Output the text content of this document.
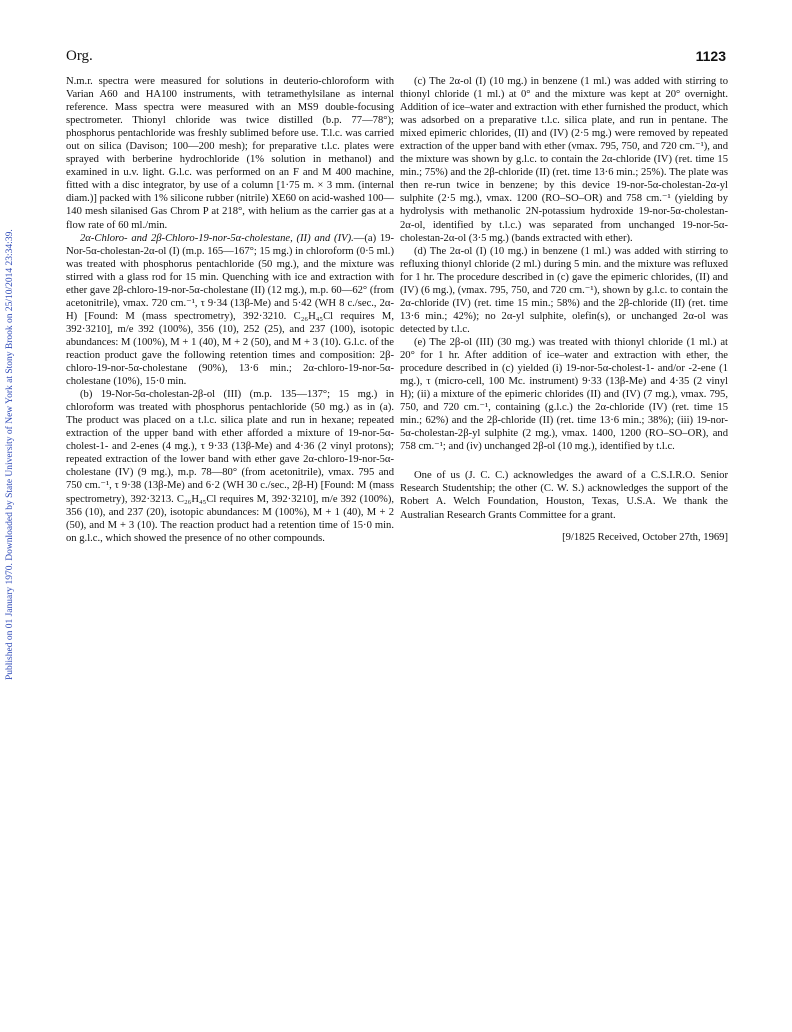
Org.	1123
Published on 01 January 1970. Downloaded by State University of New York at Stony Brook on 25/10/2014 23:34:39.

N.m.r. spectra were measured for solutions in deuterio-chloroform with Varian A60 and HA100 instruments, with tetramethylsilane as internal reference. Mass spectra were measured with an MS9 double-focusing spectrometer. Thionyl chloride was twice distilled (b.p. 77—78°); phosphorus pentachloride was freshly sublimed before use. T.l.c. was carried out on silica (Davison; 100—200 mesh); for preparative t.l.c. plates were sprayed with berberine hydrochloride (1% solution in methanol) and examined in u.v. light. G.l.c. was performed on an F and M 400 machine, fitted with a disc integrator, by use of a column [1·75 m. × 3 mm. (internal diam.)] packed with 1% silicone rubber (nitrile) XE60 on acid-washed 100—140 mesh silanised Gas Chrom P at 218°, with helium as the carrier gas at a flow rate of 60 ml./min.

2α-Chloro- and 2β-Chloro-19-nor-5α-cholestane, (II) and (IV).—(a) 19-Nor-5α-cholestan-2α-ol (I) (m.p. 165—167°; 15 mg.) in chloroform (0·5 ml.) was treated with phosphorus pentachloride (50 mg.), and the mixture was stirred with a glass rod for 15 min. Quenching with ice and extraction with ether gave 2β-chloro-19-nor-5α-cholestane (II) (12 mg.), m.p. 60—62° (from acetonitrile), νmax. 720 cm.⁻¹, τ 9·34 (13β-Me) and 5·42 (WH 8 c./sec., 2α-H) [Found: M (mass spectrometry), 392·3210. C₂₆H₄₅Cl requires M, 392·3210], m/e 392 (100%), 356 (10), 252 (25), and 237 (100), isotopic abundances: M (100%), M + 1 (40), M + 2 (50), and M + 3 (10). G.l.c. of the reaction product gave the following retention times and composition: 2β-chloro-19-nor-5α-cholestane (90%), 13·6 min.; 2α-chloro-19-nor-5α-cholestane (10%), 15·0 min.

(b) 19-Nor-5α-cholestan-2β-ol (III) (m.p. 135—137°; 15 mg.) in chloroform was treated with phosphorus pentachloride (50 mg.) as in (a). The product was placed on a t.l.c. silica plate and run in hexane; repeated extraction of the upper band with ether afforded a mixture of 19-nor-5α-cholest-1- and 2-enes (4 mg.), τ 9·33 (13β-Me) and 4·36 (2 vinyl protons); repeated extraction of the lower band with ether gave 2α-chloro-19-nor-5α-cholestane (IV) (9 mg.), m.p. 78—80° (from acetonitrile), νmax. 795 and 750 cm.⁻¹, τ 9·38 (13β-Me) and 6·2 (WH 30 c./sec., 2β-H) [Found: M (mass spectrometry), 392·3213. C₂₆H₄₅Cl requires M, 392·3210], m/e 392 (100%), 356 (10), and 237 (20), isotopic abundances: M (100%), M + 1 (40), M + 2 (50), and M + 3 (10). The reaction product had a retention time of 15·0 min. on g.l.c., which showed the presence of no other compounds.

(c) The 2α-ol (I) (10 mg.) in benzene (1 ml.) was added with stirring to thionyl chloride (1 ml.) at 0° and the mixture was kept at 20° overnight. Addition of ice–water and extraction with ether furnished the product, which was adsorbed on a preparative t.l.c. silica plate, and run in pentane. The mixed epimeric chlorides, (II) and (IV) (2·5 mg.) were removed by repeated extraction of the upper band with ether (νmax. 795, 750, and 720 cm.⁻¹), and the mixture was shown by g.l.c. to contain the 2α-chloride (IV) (ret. time 15 min.; 75%) and the 2β-chloride (II) (ret. time 13·6 min.; 25%). The plate was then re-run twice in benzene; by this device 19-nor-5α-cholestan-2α-yl sulphite (2·5 mg.), νmax. 1200 (RO–SO–OR) and 758 cm.⁻¹ (yielding by hydrolysis with methanolic 2N-potassium hydroxide 19-nor-5α-cholestan-2α-ol, identified by t.l.c.) was separated from unchanged 19-nor-5α-cholestan-2α-ol (3·5 mg.) (bands extracted with ether).

(d) The 2α-ol (I) (10 mg.) in benzene (1 ml.) was added with stirring to refluxing thionyl chloride (2 ml.) during 5 min. and the mixture was refluxed for 1 hr. The procedure described in (c) gave the epimeric chlorides, (II) and (IV) (6 mg.), (νmax. 795, 750, and 720 cm.⁻¹), shown by g.l.c. to contain the 2α-chloride (IV) (ret. time 15 min.; 58%) and the 2β-chloride (II) (ret. time 13·6 min.; 42%); no 2α-yl sulphite, olefin(s), or unchanged 2α-ol was detected by t.l.c.

(e) The 2β-ol (III) (30 mg.) was treated with thionyl chloride (1 ml.) at 20° for 1 hr. After addition of ice–water and extraction with ether, the procedure described in (c) yielded (i) 19-nor-5α-cholest-1- and/or -2-ene (1 mg.), τ (micro-cell, 100 Mc. instrument) 9·33 (13β-Me) and 4·35 (2 vinyl H); (ii) a mixture of the epimeric chlorides (II) and (IV) (7 mg.), νmax. 795, 750, and 720 cm.⁻¹, containing (g.l.c.) the 2α-chloride (IV) (ret. time 15 min.; 62%) and the 2β-chloride (II) (ret. time 13·6 min.; 38%); (iii) 19-nor-5α-cholestan-2β-yl sulphite (2 mg.), νmax. 1400, 1200 (RO–SO–OR), and 758 cm.⁻¹; and (iv) unchanged 2β-ol (10 mg.), identified by t.l.c.

One of us (J. C. C.) acknowledges the award of a C.S.I.R.O. Senior Research Studentship; the other (C. W. S.) acknowledges the support of the Robert A. Welch Foundation, Houston, Texas, U.S.A. We thank the Australian Research Grants Committee for a grant.

[9/1825 Received, October 27th, 1969]
